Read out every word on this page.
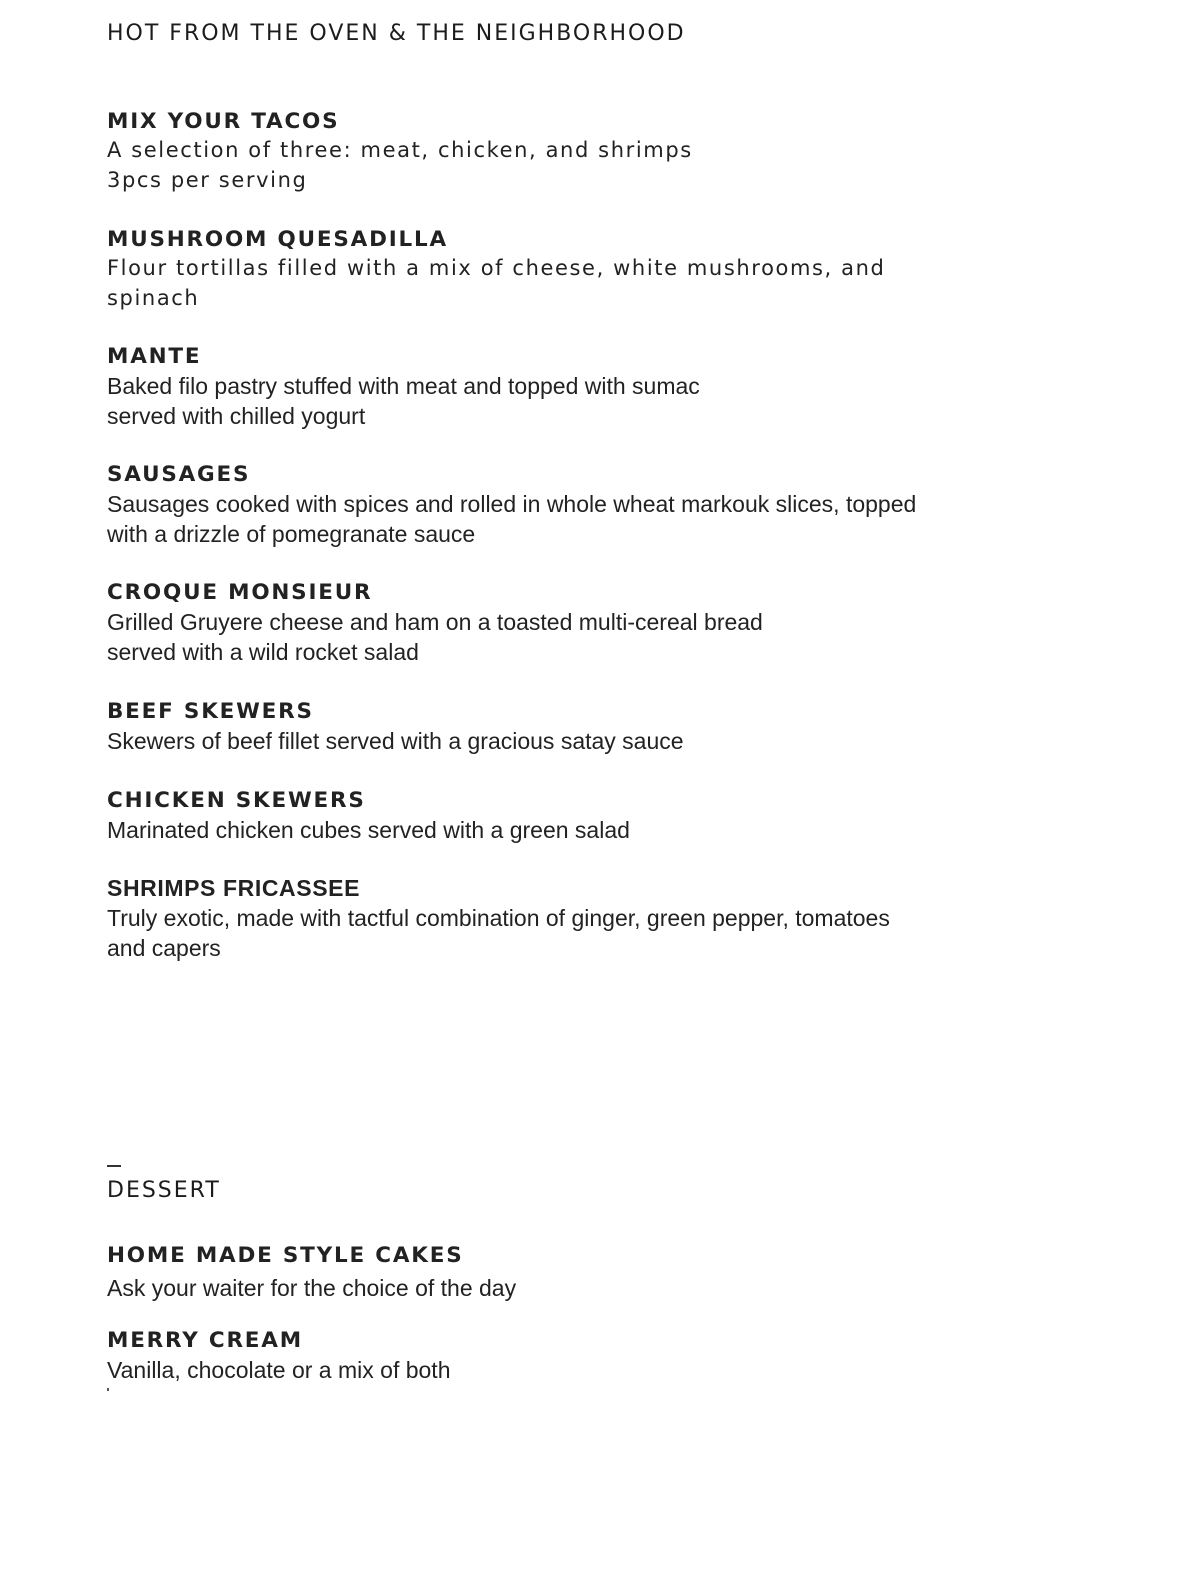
HOT FROM THE OVEN & THE NEIGHBORHOOD
MIX YOUR TACOS

A selection of three: meat, chicken, and shrimps
3pcs per serving

MUSHROOM QUESADILLA

Flour tortillas filled with a mix of cheese, white mushrooms, and
spinach

MANTE

Baked filo pastry stuffed with meat and topped with sumac
served with chilled yogurt

SAUSAGES

Sausages cooked with spices and rolled in whole wheat markouk slices, topped
with a drizzle of pomegranate sauce

CROQUE MONSIEUR

Grilled Gruyere cheese and ham on a toasted multi-cereal bread
served with a wild rocket salad

BEEF SKEWERS

Skewers of beef fillet served with a gracious satay sauce

CHICKEN SKEWERS

Marinated chicken cubes served with a green salad

SHRIMPS FRICASSEE

Truly exotic, made with tactful combination of ginger, green pepper, tomatoes
and capers

DESSERT
HOME MADE STYLE CAKES

Ask your waiter for the choice of the day

MERRY CREAM

Vanilla, chocolate or a mix of both
